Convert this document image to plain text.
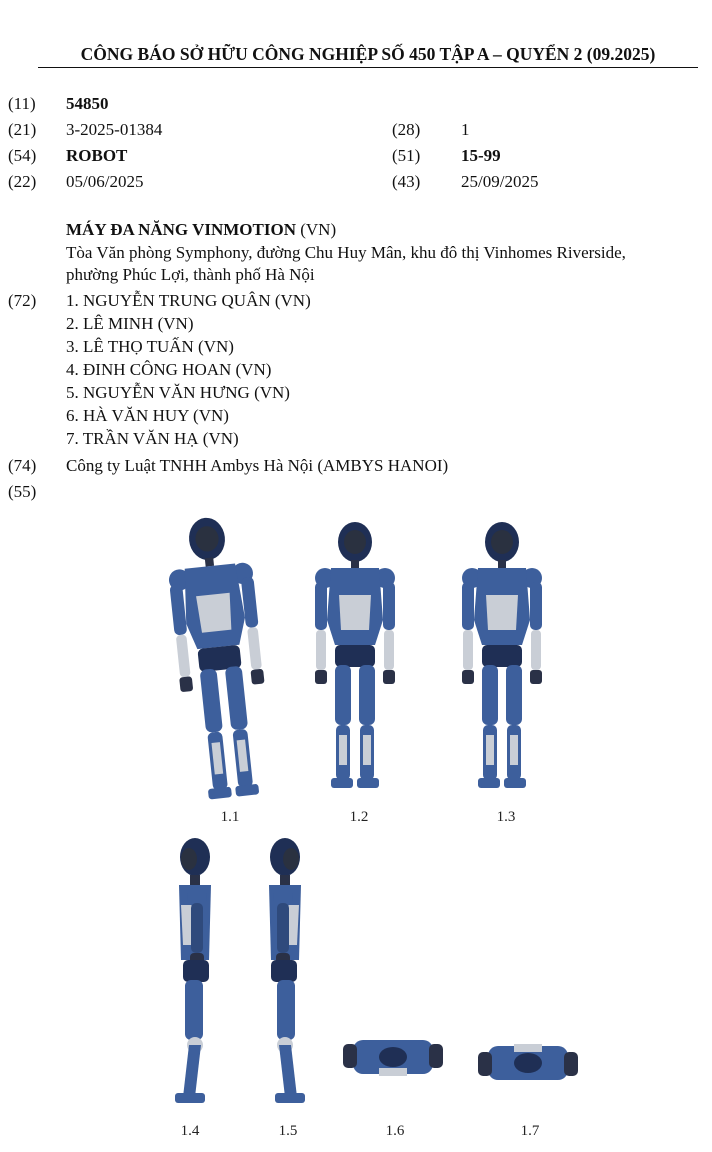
CÔNG BÁO SỞ HỮU CÔNG NGHIỆP SỐ 450 TẬP A – QUYỂN 2 (09.2025)
(11) 54850
(21) 3-2025-01384	(28) 1
(54) ROBOT	(51) 15-99
(22) 05/06/2025	(43) 25/09/2025
MÁY ĐA NĂNG VINMOTION (VN)
Tòa Văn phòng Symphony, đường Chu Huy Mân, khu đô thị Vinhomes Riverside,
phường Phúc Lợi, thành phố Hà Nội
(72) 1. NGUYỄN TRUNG QUÂN (VN)
2. LÊ MINH (VN)
3. LÊ THỌ TUẤN (VN)
4. ĐINH CÔNG HOAN (VN)
5. NGUYỄN VĂN HƯNG (VN)
6. HÀ VĂN HUY (VN)
7. TRẦN VĂN HẠ (VN)
(74) Công ty Luật TNHH Ambys Hà Nội (AMBYS HANOI)
(55)
1.1	1.2	1.3
1.4	1.5	1.6	1.7
